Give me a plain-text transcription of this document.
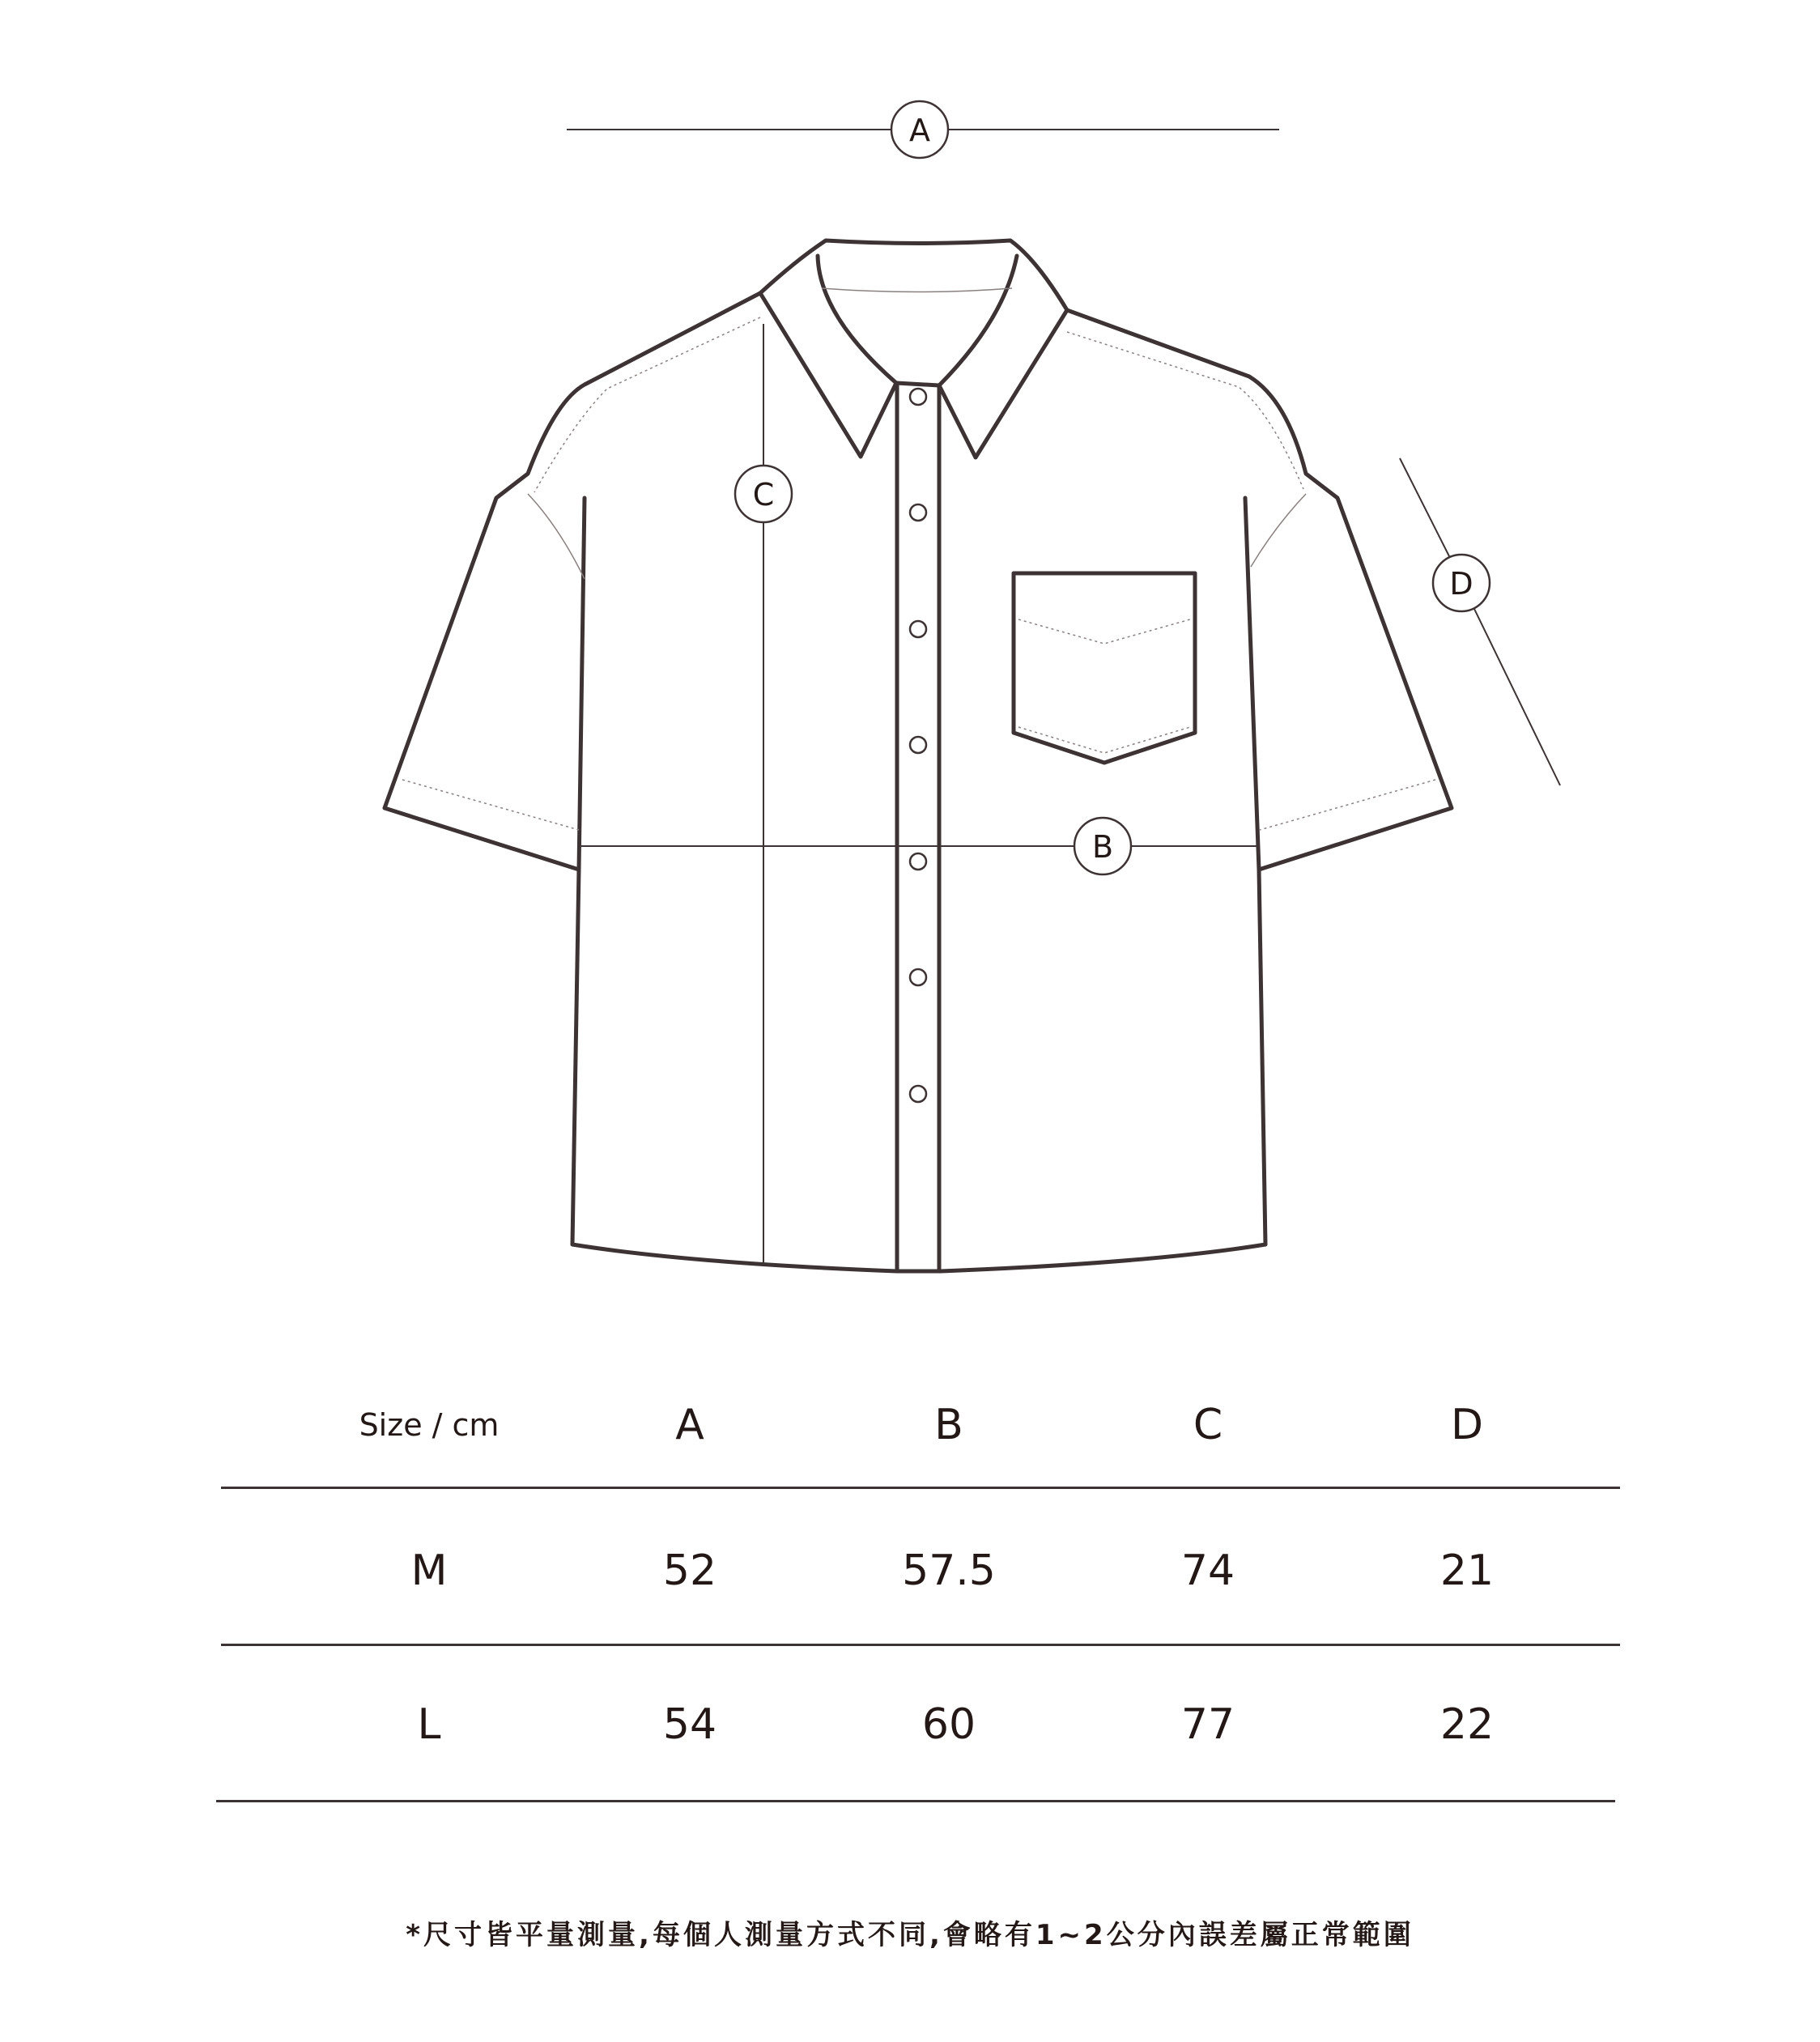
A
C
B
D
Size / cm	A	B	C	D
M	52	57.5	74	21
L	54	60	77	22
*尺寸皆平量測量,每個人測量方式不同,會略有1~2公分內誤差屬正常範圍
